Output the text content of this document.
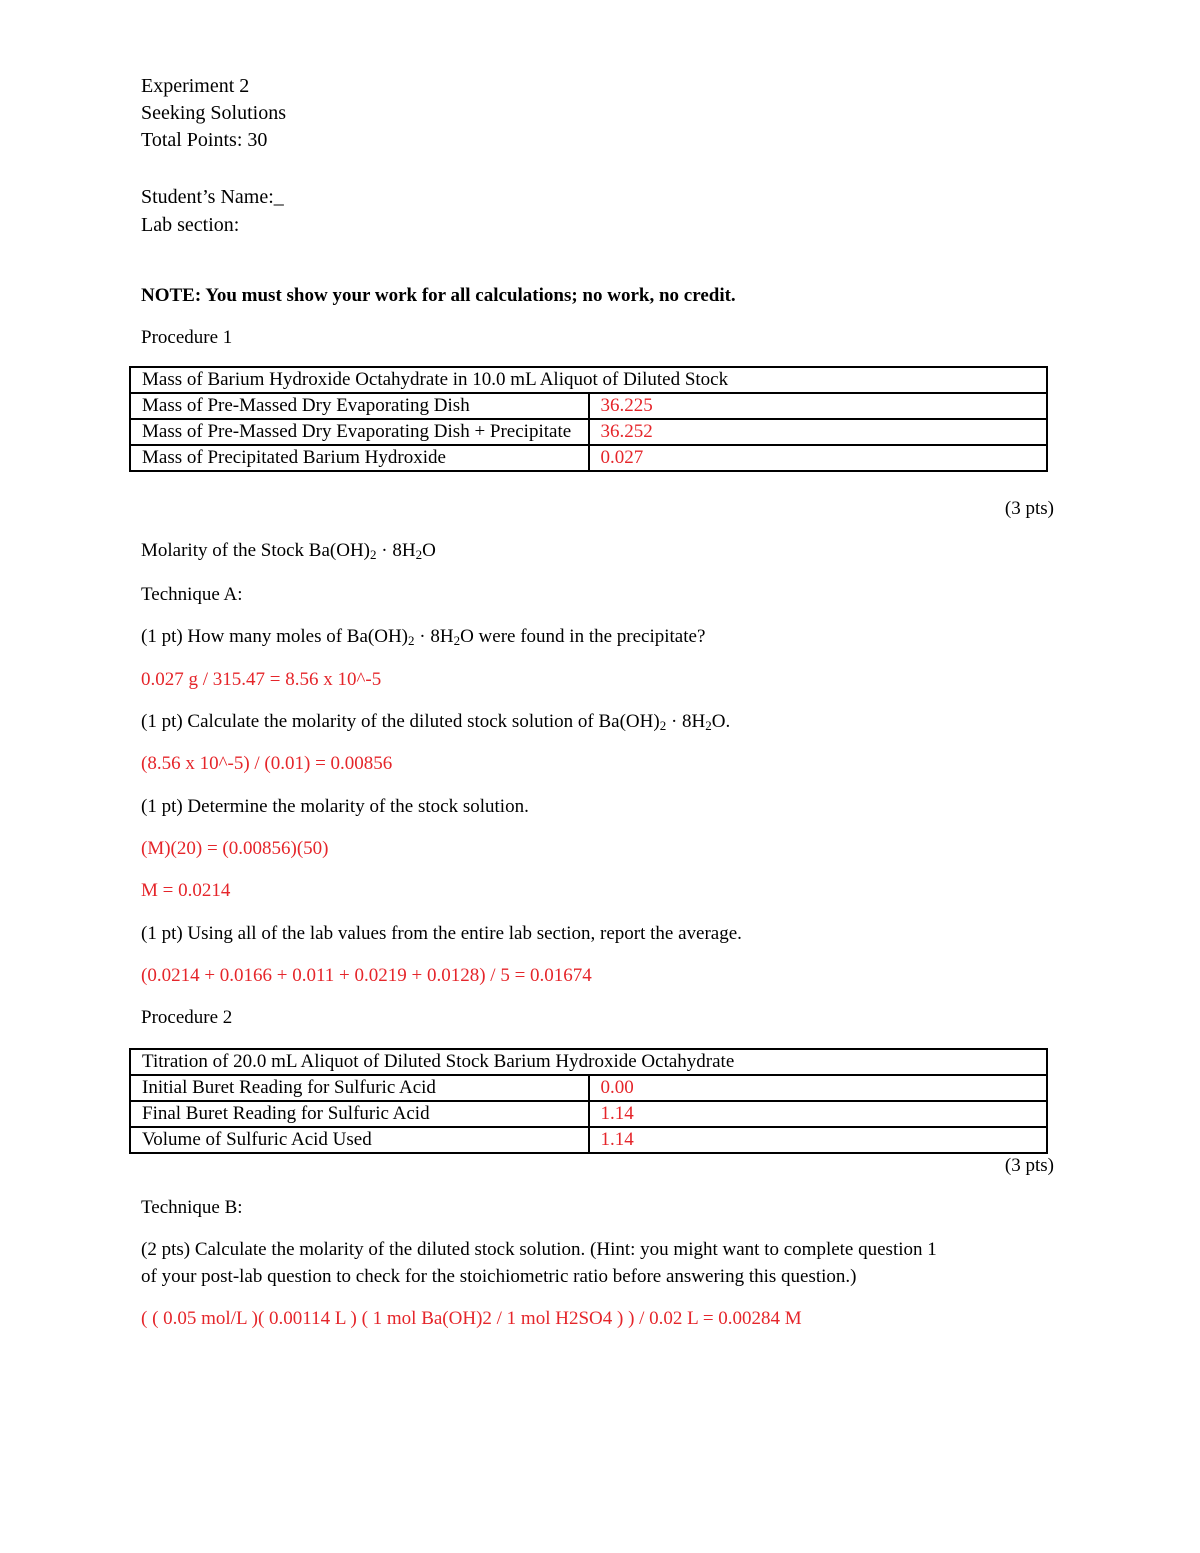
Experiment 2
Seeking Solutions
Total Points: 30
Student’s Name:_
Lab section:
NOTE: You must show your work for all calculations; no work, no credit.
Procedure 1
Mass of Barium Hydroxide Octahydrate in 10.0 mL Aliquot of Diluted Stock	
Mass of Pre-Massed Dry Evaporating Dish	36.225
Mass of Pre-Massed Dry Evaporating Dish + Precipitate	36.252
Mass of Precipitated Barium Hydroxide	0.027
(3 pts)
Molarity of the Stock $Ba(OH)_2 \cdot 8H_2O$
Technique A:
(1 pt) How many moles of $Ba(OH)_2 \cdot 8H_2O$ were found in the precipitate?
0.027 g / 315.47 = 8.56 x 10^-5
(1 pt) Calculate the molarity of the diluted stock solution of $Ba(OH)_2 \cdot 8H_2O$.
(8.56 x 10^-5) / (0.01) = 0.00856
(1 pt) Determine the molarity of the stock solution.
(M)(20) = (0.00856)(50)
M = 0.0214
(1 pt) Using all of the lab values from the entire lab section, report the average.
(0.0214 + 0.0166 + 0.011 + 0.0219 + 0.0128) / 5 = 0.01674
Procedure 2
Titration of 20.0 mL Aliquot of Diluted Stock Barium Hydroxide Octahydrate	
Initial Buret Reading for Sulfuric Acid	0.00
Final Buret Reading for Sulfuric Acid	1.14
Volume of Sulfuric Acid Used	1.14
(3 pts)
Technique B:
(2 pts) Calculate the molarity of the diluted stock solution. (Hint: you might want to complete question 1
of your post-lab question to check for the stoichiometric ratio before answering this question.)
( ( 0.05 mol/L )( 0.00114 L ) ( 1 mol Ba(OH)2 / 1 mol H2SO4 ) ) / 0.02 L = 0.00284 M
